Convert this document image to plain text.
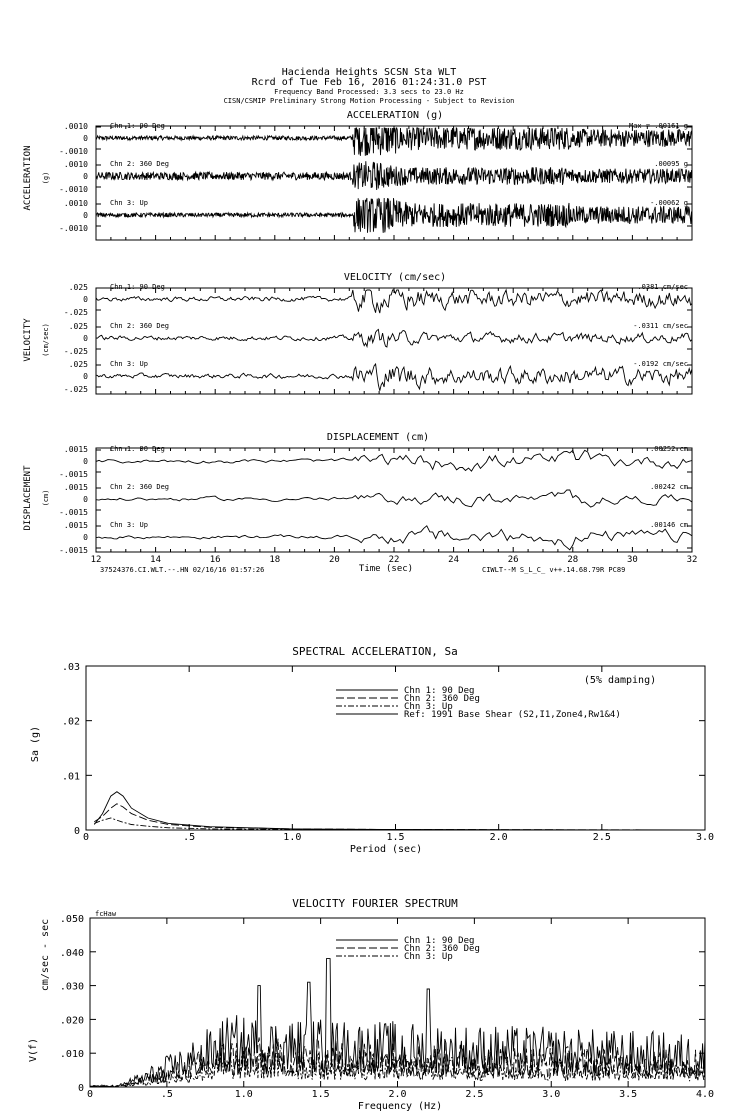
Hacienda Heights SCSN Sta WLT
Rcrd of Tue Feb 16, 2016 01:24:31.0 PST
Frequency Band Processed: 3.3 secs to 23.0 Hz
CISN/CSMIP Preliminary Strong Motion Processing - Subject to Revision
ACCELERATION (g)
ACCELERATION (g)
VELOCITY (cm/sec)
VELOCITY (cm/sec)
DISPLACEMENT (cm)
DISPLACEMENT (cm)
Time (sec)
37524376.CI.WLT.--.HN 02/16/16 01:57:26	CIWLT--M S_L_C_ v++.14.68.79R PC89
.0010
0
-.0010
Chn 1: 90 Deg	Max = .00161 g
.0010
0
-.0010
Chn 2: 360 Deg	.00095 g
.0010
0
-.0010
Chn 3: Up	-.00062 g
.025
0
-.025
Chn 1: 90 Deg	.0381 cm/sec
.025
0
-.025
Chn 2: 360 Deg	-.0311 cm/sec
.025
0
-.025
Chn 3: Up	-.0192 cm/sec
.0015
0
-.0015
Chn 1: 90 Deg	.00252 cm
.0015
0
-.0015
Chn 2: 360 Deg	.00242 cm
.0015
0
-.0015
Chn 3: Up	.00146 cm
12	14	16	18	20	22	24	26	28	30	32
SPECTRAL ACCELERATION, Sa
(5% damping)
Period (sec)
Sa (g)
0	.5	1.0	1.5	2.0	2.5	3.0
0
.01
.02
.03
Chn 1: 90 Deg
Chn 2: 360 Deg
Chn 3: Up
Ref: 1991 Base Shear (S2,I1,Zone4,Rw1&4)
VELOCITY FOURIER SPECTRUM
fcHaw
Frequency (Hz)
V(f)
cm/sec - sec
0	.5	1.0	1.5	2.0	2.5	3.0	3.5	4.0
0
.010
.020
.030
.040
.050
Chn 1: 90 Deg
Chn 2: 360 Deg
Chn 3: Up
